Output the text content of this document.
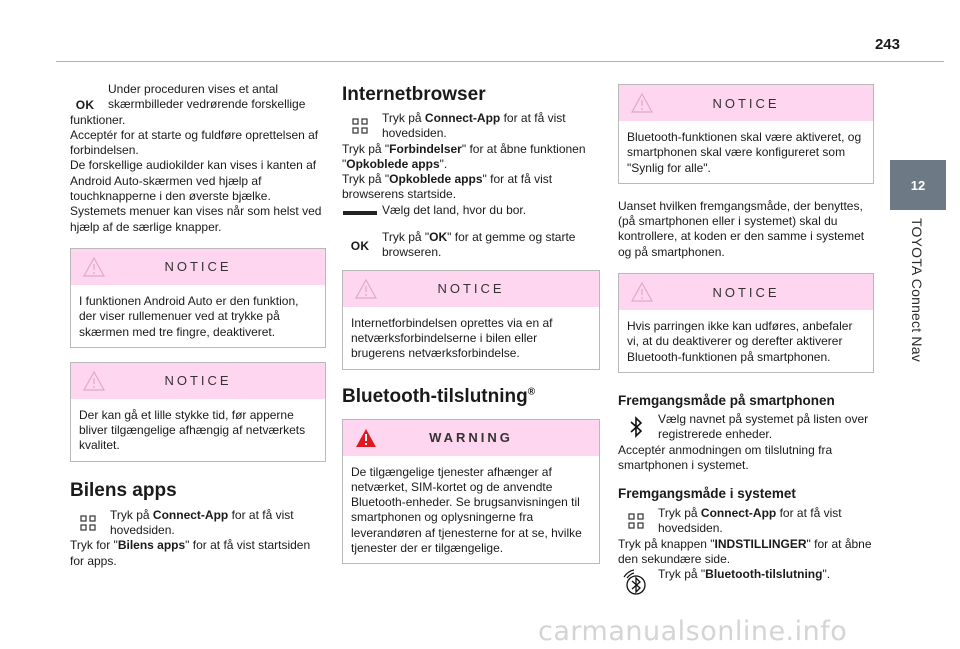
243
12
TOYOTA Connect Nav
OK

Under proceduren vises et antal skærmbilleder vedrørende forskellige

funktioner.

Acceptér for at starte og fuldføre oprettelsen af forbindelsen.

De forskellige audiokilder kan vises i kanten af Android Auto-skærmen ved hjælp af touchknapperne i den øverste bjælke.

Systemets menuer kan vises når som helst ved hjælp af de særlige knapper.

NOTICE
I funktionen Android Auto er den funktion, der viser rullemenuer ved at trykke på skærmen med tre fingre, deaktiveret.
NOTICE
Der kan gå et lille stykke tid, før apperne bliver tilgængelige afhængig af netværkets kvalitet.
Bilens apps

Tryk på Connect-App for at få vist hovedsiden.

Tryk for "Bilens apps" for at få vist startsiden for apps.

Internetbrowser

Tryk på Connect-App for at få vist hovedsiden.

Tryk på "Forbindelser" for at åbne funktionen "Opkoblede apps".

Tryk på "Opkoblede apps" for at få vist browserens startside.

Vælg det land, hvor du bor.

OK

Tryk på "OK" for at gemme og starte browseren.

NOTICE
Internetforbindelsen oprettes via en af netværksforbindelserne i bilen eller brugerens netværksforbindelse.
Bluetooth-tilslutning®
WARNING
De tilgængelige tjenester afhænger af netværket, SIM-kortet og de anvendte Bluetooth-enheder. Se brugsanvisningen til smartphonen og oplysningerne fra leverandøren af tjenesterne for at se, hvilke tjenester der er tilgængelige.
NOTICE
Bluetooth-funktionen skal være aktiveret, og smartphonen skal være konfigureret som "Synlig for alle".

Uanset hvilken fremgangsmåde, der benyttes, (på smartphonen eller i systemet) skal du kontrollere, at koden er den samme i systemet og på smartphonen.

NOTICE
Hvis parringen ikke kan udføres, anbefaler vi, at du deaktiverer og derefter aktiverer Bluetooth-funktionen på smartphonen.
Fremgangsmåde på smartphonen

Vælg navnet på systemet på listen over registrerede enheder.

Acceptér anmodningen om tilslutning fra smartphonen i systemet.

Fremgangsmåde i systemet

Tryk på Connect-App for at få vist hovedsiden.

Tryk på knappen "INDSTILLINGER" for at åbne den sekundære side.

Tryk på "Bluetooth-tilslutning".

carmanualsonline.info
